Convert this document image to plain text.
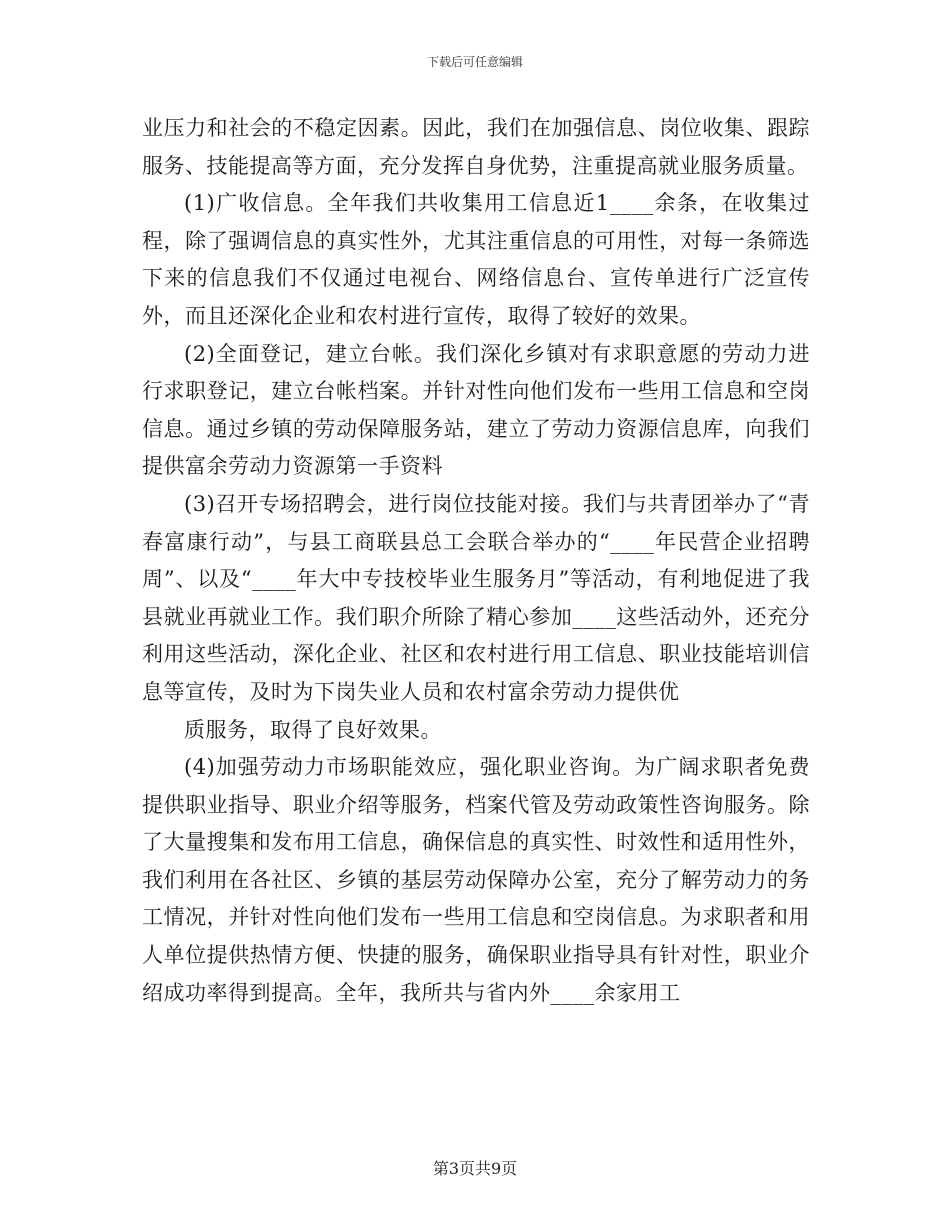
下载后可任意编辑

业压力和社会的不稳定因素。因此，我们在加强信息、岗位收集、跟踪服务、技能提高等方面，充分发挥自身优势，注重提高就业服务质量。

(1)广收信息。全年我们共收集用工信息近1____余条，在收集过程，除了强调信息的真实性外，尤其注重信息的可用性，对每一条筛选下来的信息我们不仅通过电视台、网络信息台、宣传单进行广泛宣传外，而且还深化企业和农村进行宣传，取得了较好的效果。

(2)全面登记，建立台帐。我们深化乡镇对有求职意愿的劳动力进行求职登记，建立台帐档案。并针对性向他们发布一些用工信息和空岗信息。通过乡镇的劳动保障服务站，建立了劳动力资源信息库，向我们提供富余劳动力资源第一手资料

(3)召开专场招聘会，进行岗位技能对接。我们与共青团举办了“青春富康行动”，与县工商联县总工会联合举办的“____年民营企业招聘周”、以及“____年大中专技校毕业生服务月”等活动，有利地促进了我县就业再就业工作。我们职介所除了精心参加____这些活动外，还充分利用这些活动，深化企业、社区和农村进行用工信息、职业技能培训信息等宣传，及时为下岗失业人员和农村富余劳动力提供优

质服务，取得了良好效果。

(4)加强劳动力市场职能效应，强化职业咨询。为广阔求职者免费提供职业指导、职业介绍等服务，档案代管及劳动政策性咨询服务。除了大量搜集和发布用工信息，确保信息的真实性、时效性和适用性外，我们利用在各社区、乡镇的基层劳动保障办公室，充分了解劳动力的务工情况，并针对性向他们发布一些用工信息和空岗信息。为求职者和用人单位提供热情方便、快捷的服务，确保职业指导具有针对性，职业介绍成功率得到提高。全年，我所共与省内外____余家用工

第3页共9页
